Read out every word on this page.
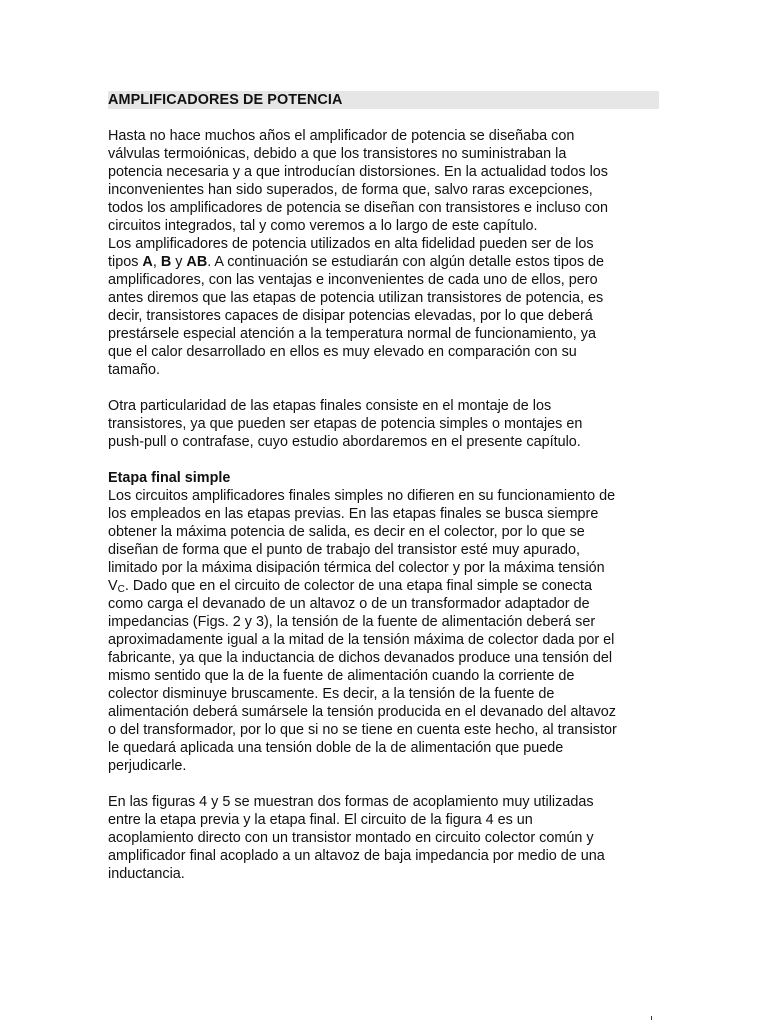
AMPLIFICADORES DE POTENCIA

Hasta no hace muchos años el amplificador de potencia se diseñaba con
válvulas termoiónicas, debido a que los transistores no suministraban la
potencia necesaria y a que introducían distorsiones. En la actualidad todos los
inconvenientes han sido superados, de forma que, salvo raras excepciones,
todos los amplificadores de potencia se diseñan con transistores e incluso con
circuitos integrados, tal y como veremos a lo largo de este capítulo.
Los amplificadores de potencia utilizados en alta fidelidad pueden ser de los
tipos A, B y AB. A continuación se estudiarán con algún detalle estos tipos de
amplificadores, con las ventajas e inconvenientes de cada uno de ellos, pero
antes diremos que las etapas de potencia utilizan transistores de potencia, es
decir, transistores capaces de disipar potencias elevadas, por lo que deberá
prestársele especial atención a la temperatura normal de funcionamiento, ya
que el calor desarrollado en ellos es muy elevado en comparación con su
tamaño.

Otra particularidad de las etapas finales consiste en el montaje de los
transistores, ya que pueden ser etapas de potencia simples o montajes en
push-pull o contrafase, cuyo estudio abordaremos en el presente capítulo.

Etapa final simple

Los circuitos amplificadores finales simples no difieren en su funcionamiento de
los empleados en las etapas previas. En las etapas finales se busca siempre
obtener la máxima potencia de salida, es decir en el colector, por lo que se
diseñan de forma que el punto de trabajo del transistor esté muy apurado,
limitado por la máxima disipación térmica del colector y por la máxima tensión
$V_C$. Dado que en el circuito de colector de una etapa final simple se conecta
como carga el devanado de un altavoz o de un transformador adaptador de
impedancias (Figs. 2 y 3), la tensión de la fuente de alimentación deberá ser
aproximadamente igual a la mitad de la tensión máxima de colector dada por el
fabricante, ya que la inductancia de dichos devanados produce una tensión del
mismo sentido que la de la fuente de alimentación cuando la corriente de
colector disminuye bruscamente. Es decir, a la tensión de la fuente de
alimentación deberá sumársele la tensión producida en el devanado del altavoz
o del transformador, por lo que si no se tiene en cuenta este hecho, al transistor
le quedará aplicada una tensión doble de la de alimentación que puede
perjudicarle.

En las figuras 4 y 5 se muestran dos formas de acoplamiento muy utilizadas
entre la etapa previa y la etapa final. El circuito de la figura 4 es un
acoplamiento directo con un transistor montado en circuito colector común y
amplificador final acoplado a un altavoz de baja impedancia por medio de una
inductancia.
